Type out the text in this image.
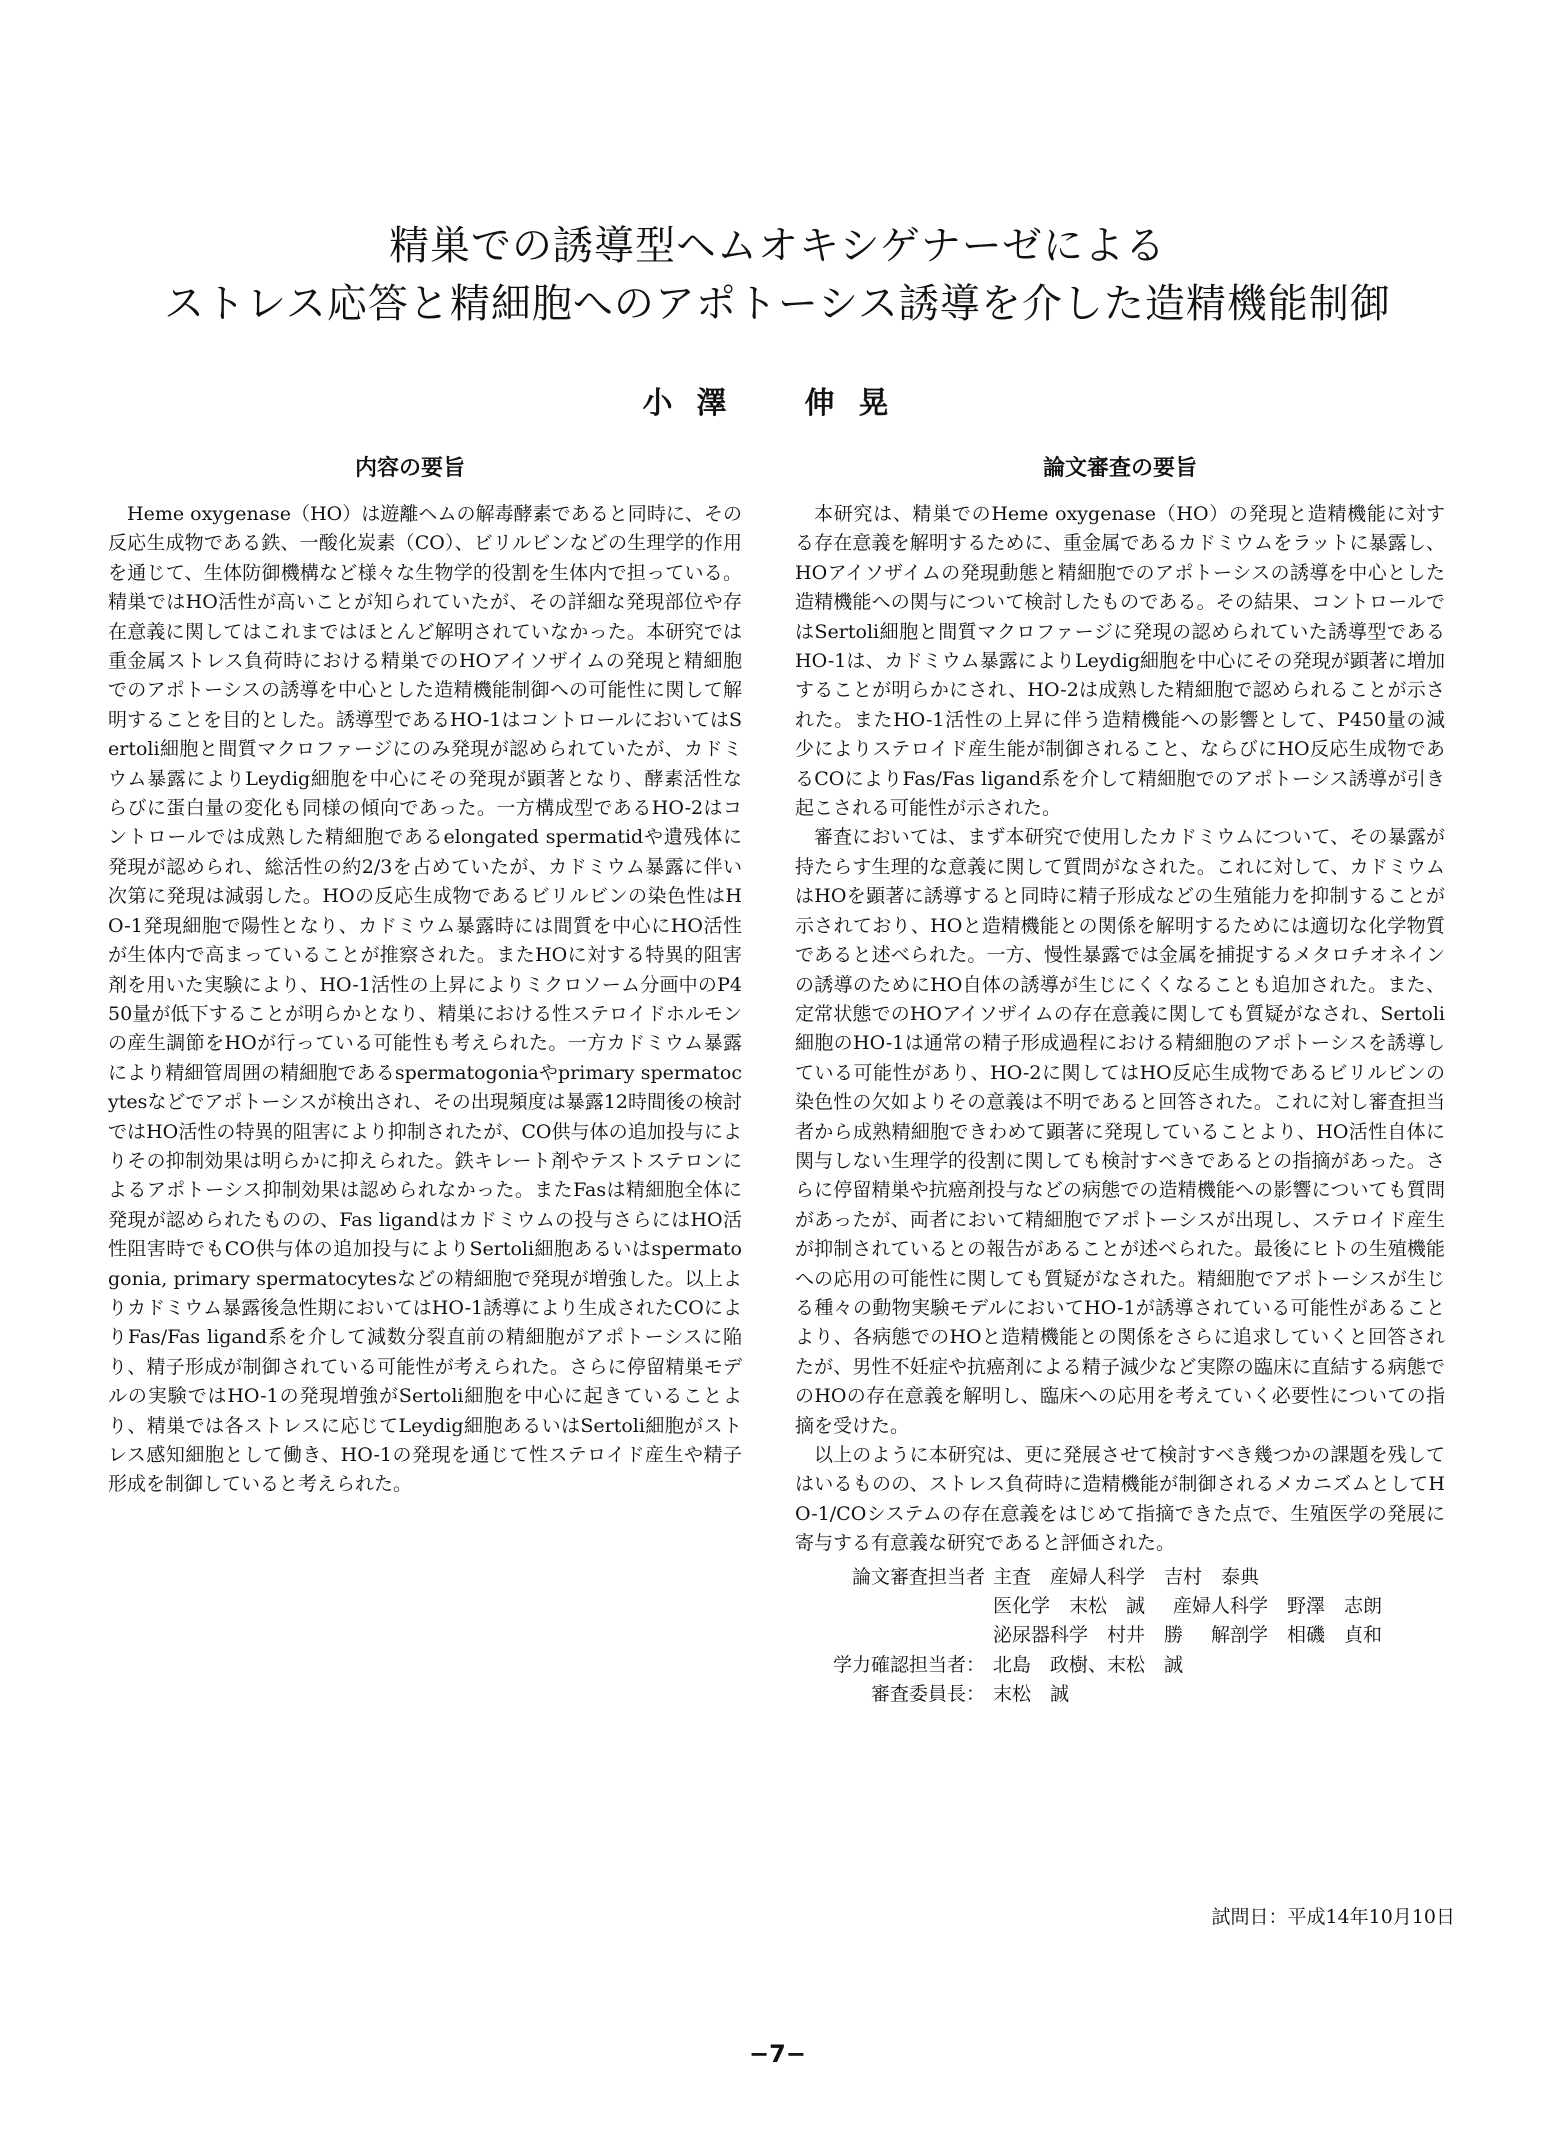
精巣での誘導型ヘムオキシゲナーゼによる
ストレス応答と精細胞へのアポトーシス誘導を介した造精機能制御
小澤　伸晃
内容の要旨	論文審査の要旨

Heme oxygenase（HO）は遊離ヘムの解毒酵素であると同時に、その反応生成物である鉄、一酸化炭素（CO）、ビリルビンなどの生理学的作用を通じて、生体防御機構など様々な生物学的役割を生体内で担っている。精巣ではHO活性が高いことが知られていたが、その詳細な発現部位や存在意義に関してはこれまではほとんど解明されていなかった。本研究では重金属ストレス負荷時における精巣でのHOアイソザイムの発現と精細胞でのアポトーシスの誘導を中心とした造精機能制御への可能性に関して解明することを目的とした。誘導型であるHO-1はコントロールにおいてはSertoli細胞と間質マクロファージにのみ発現が認められていたが、カドミウム暴露によりLeydig細胞を中心にその発現が顕著となり、酵素活性ならびに蛋白量の変化も同様の傾向であった。一方構成型であるHO-2はコントロールでは成熟した精細胞であるelongated spermatidや遺残体に発現が認められ、総活性の約2/3を占めていたが、カドミウム暴露に伴い次第に発現は減弱した。HOの反応生成物であるビリルビンの染色性はHO-1発現細胞で陽性となり、カドミウム暴露時には間質を中心にHO活性が生体内で高まっていることが推察された。またHOに対する特異的阻害剤を用いた実験により、HO-1活性の上昇によりミクロソーム分画中のP450量が低下することが明らかとなり、精巣における性ステロイドホルモンの産生調節をHOが行っている可能性も考えられた。一方カドミウム暴露により精細管周囲の精細胞であるspermatogoniaやprimary spermatocytesなどでアポトーシスが検出され、その出現頻度は暴露12時間後の検討ではHO活性の特異的阻害により抑制されたが、CO供与体の追加投与によりその抑制効果は明らかに抑えられた。鉄キレート剤やテストステロンによるアポトーシス抑制効果は認められなかった。またFasは精細胞全体に発現が認められたものの、Fas ligandはカドミウムの投与さらにはHO活性阻害時でもCO供与体の追加投与によりSertoli細胞あるいはspermatogonia, primary spermatocytesなどの精細胞で発現が増強した。以上よりカドミウム暴露後急性期においてはHO-1誘導により生成されたCOによりFas/Fas ligand系を介して減数分裂直前の精細胞がアポトーシスに陥り、精子形成が制御されている可能性が考えられた。さらに停留精巣モデルの実験ではHO-1の発現増強がSertoli細胞を中心に起きていることより、精巣では各ストレスに応じてLeydig細胞あるいはSertoli細胞がストレス感知細胞として働き、HO-1の発現を通じて性ステロイド産生や精子形成を制御していると考えられた。

本研究は、精巣でのHeme oxygenase（HO）の発現と造精機能に対する存在意義を解明するために、重金属であるカドミウムをラットに暴露し、HOアイソザイムの発現動態と精細胞でのアポトーシスの誘導を中心とした造精機能への関与について検討したものである。その結果、コントロールではSertoli細胞と間質マクロファージに発現の認められていた誘導型であるHO-1は、カドミウム暴露によりLeydig細胞を中心にその発現が顕著に増加することが明らかにされ、HO-2は成熟した精細胞で認められることが示された。またHO-1活性の上昇に伴う造精機能への影響として、P450量の減少によりステロイド産生能が制御されること、ならびにHO反応生成物であるCOによりFas/Fas ligand系を介して精細胞でのアポトーシス誘導が引き起こされる可能性が示された。

審査においては、まず本研究で使用したカドミウムについて、その暴露が持たらす生理的な意義に関して質問がなされた。これに対して、カドミウムはHOを顕著に誘導すると同時に精子形成などの生殖能力を抑制することが示されており、HOと造精機能との関係を解明するためには適切な化学物質であると述べられた。一方、慢性暴露では金属を捕捉するメタロチオネインの誘導のためにHO自体の誘導が生じにくくなることも追加された。また、定常状態でのHOアイソザイムの存在意義に関しても質疑がなされ、Sertoli細胞のHO-1は通常の精子形成過程における精細胞のアポトーシスを誘導している可能性があり、HO-2に関してはHO反応生成物であるビリルビンの染色性の欠如よりその意義は不明であると回答された。これに対し審査担当者から成熟精細胞できわめて顕著に発現していることより、HO活性自体に関与しない生理学的役割に関しても検討すべきであるとの指摘があった。さらに停留精巣や抗癌剤投与などの病態での造精機能への影響についても質問があったが、両者において精細胞でアポトーシスが出現し、ステロイド産生が抑制されているとの報告があることが述べられた。最後にヒトの生殖機能への応用の可能性に関しても質疑がなされた。精細胞でアポトーシスが生じる種々の動物実験モデルにおいてHO-1が誘導されている可能性があることより、各病態でのHOと造精機能との関係をさらに追求していくと回答されたが、男性不妊症や抗癌剤による精子減少など実際の臨床に直結する病態でのHOの存在意義を解明し、臨床への応用を考えていく必要性についての指摘を受けた。

以上のように本研究は、更に発展させて検討すべき幾つかの課題を残してはいるものの、ストレス負荷時に造精機能が制御されるメカニズムとしてHO-1/COシステムの存在意義をはじめて指摘できた点で、生殖医学の発展に寄与する有意義な研究であると評価された。

論文審査担当者 主査　産婦人科学　吉村　泰典
医化学　末松　誠 産婦人科学　野澤　志朗
泌尿器科学　村井　勝 解剖学　相磯　貞和
学力確認担当者： 北島　政樹、末松　誠
審査委員長： 末松　誠
試問日：平成14年10月10日
−7−
